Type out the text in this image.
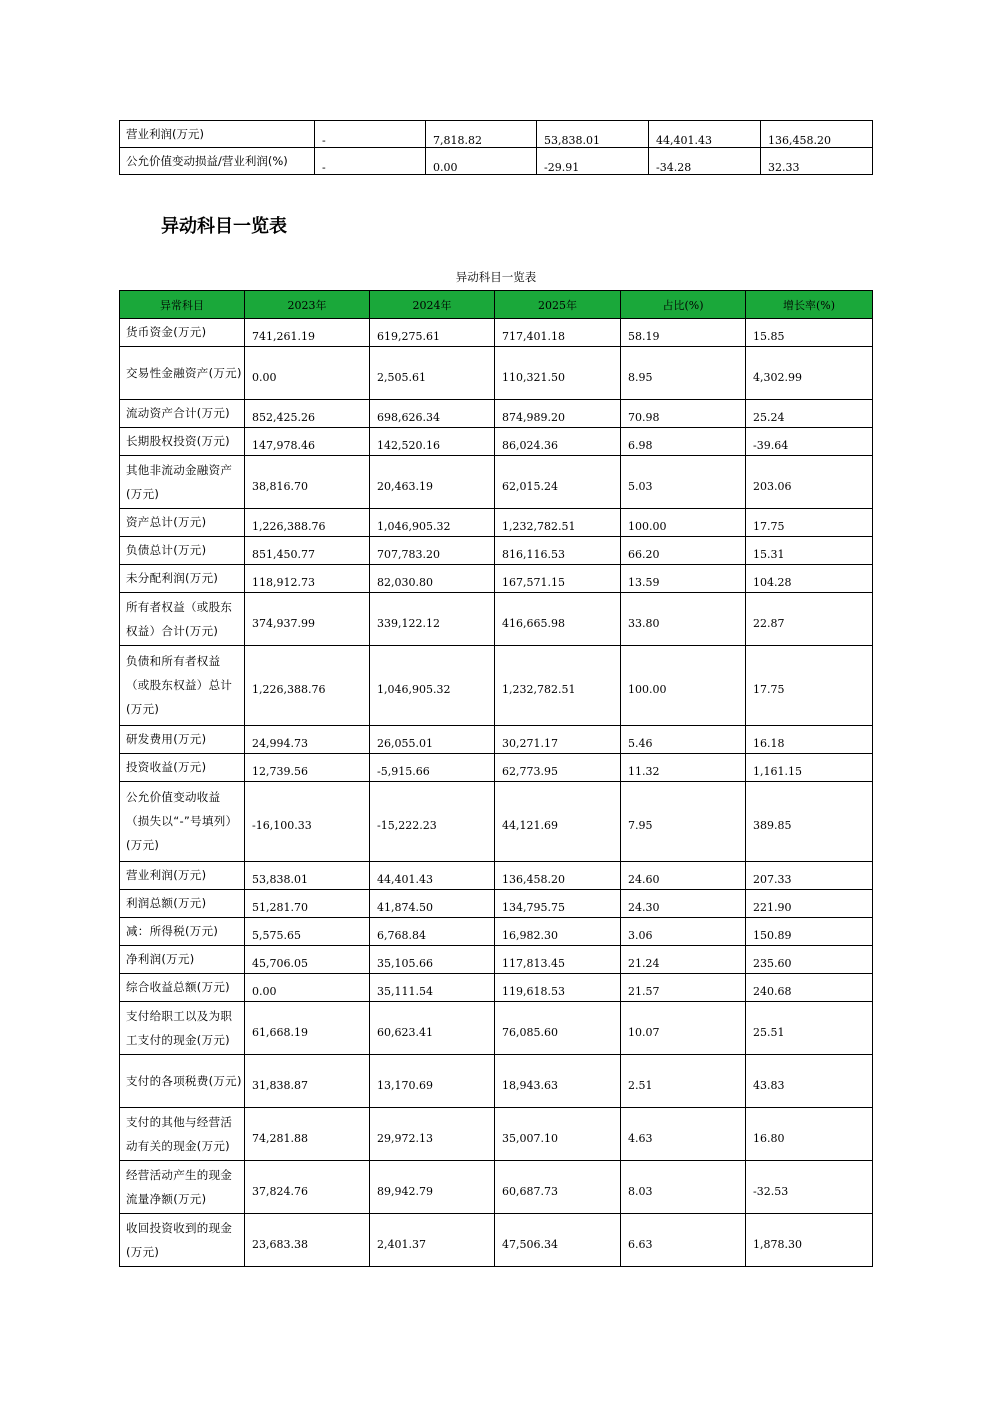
营业利润(万元)	-	7,818.82	53,838.01	44,401.43	136,458.20
公允价值变动损益/营业利润(%)	-	0.00	-29.91	-34.28	32.33
异动科目一览表
异动科目一览表
异常科目	2023年	2024年	2025年	占比(%)	增长率(%)
货币资金(万元)	741,261.19	619,275.61	717,401.18	58.19	15.85
交易性金融资产(万元)	0.00	2,505.61	110,321.50	8.95	4,302.99
流动资产合计(万元)	852,425.26	698,626.34	874,989.20	70.98	25.24
长期股权投资(万元)	147,978.46	142,520.16	86,024.36	6.98	-39.64
其他非流动金融资产(万元)	38,816.70	20,463.19	62,015.24	5.03	203.06
资产总计(万元)	1,226,388.76	1,046,905.32	1,232,782.51	100.00	17.75
负债总计(万元)	851,450.77	707,783.20	816,116.53	66.20	15.31
未分配利润(万元)	118,912.73	82,030.80	167,571.15	13.59	104.28
所有者权益（或股东权益）合计(万元)	374,937.99	339,122.12	416,665.98	33.80	22.87
负债和所有者权益（或股东权益）总计(万元)	1,226,388.76	1,046,905.32	1,232,782.51	100.00	17.75
研发费用(万元)	24,994.73	26,055.01	30,271.17	5.46	16.18
投资收益(万元)	12,739.56	-5,915.66	62,773.95	11.32	1,161.15
公允价值变动收益（损失以“-”号填列）(万元)	-16,100.33	-15,222.23	44,121.69	7.95	389.85
营业利润(万元)	53,838.01	44,401.43	136,458.20	24.60	207.33
利润总额(万元)	51,281.70	41,874.50	134,795.75	24.30	221.90
减：所得税(万元)	5,575.65	6,768.84	16,982.30	3.06	150.89
净利润(万元)	45,706.05	35,105.66	117,813.45	21.24	235.60
综合收益总额(万元)	0.00	35,111.54	119,618.53	21.57	240.68
支付给职工以及为职工支付的现金(万元)	61,668.19	60,623.41	76,085.60	10.07	25.51
支付的各项税费(万元)	31,838.87	13,170.69	18,943.63	2.51	43.83
支付的其他与经营活动有关的现金(万元)	74,281.88	29,972.13	35,007.10	4.63	16.80
经营活动产生的现金流量净额(万元)	37,824.76	89,942.79	60,687.73	8.03	-32.53
收回投资收到的现金(万元)	23,683.38	2,401.37	47,506.34	6.63	1,878.30
